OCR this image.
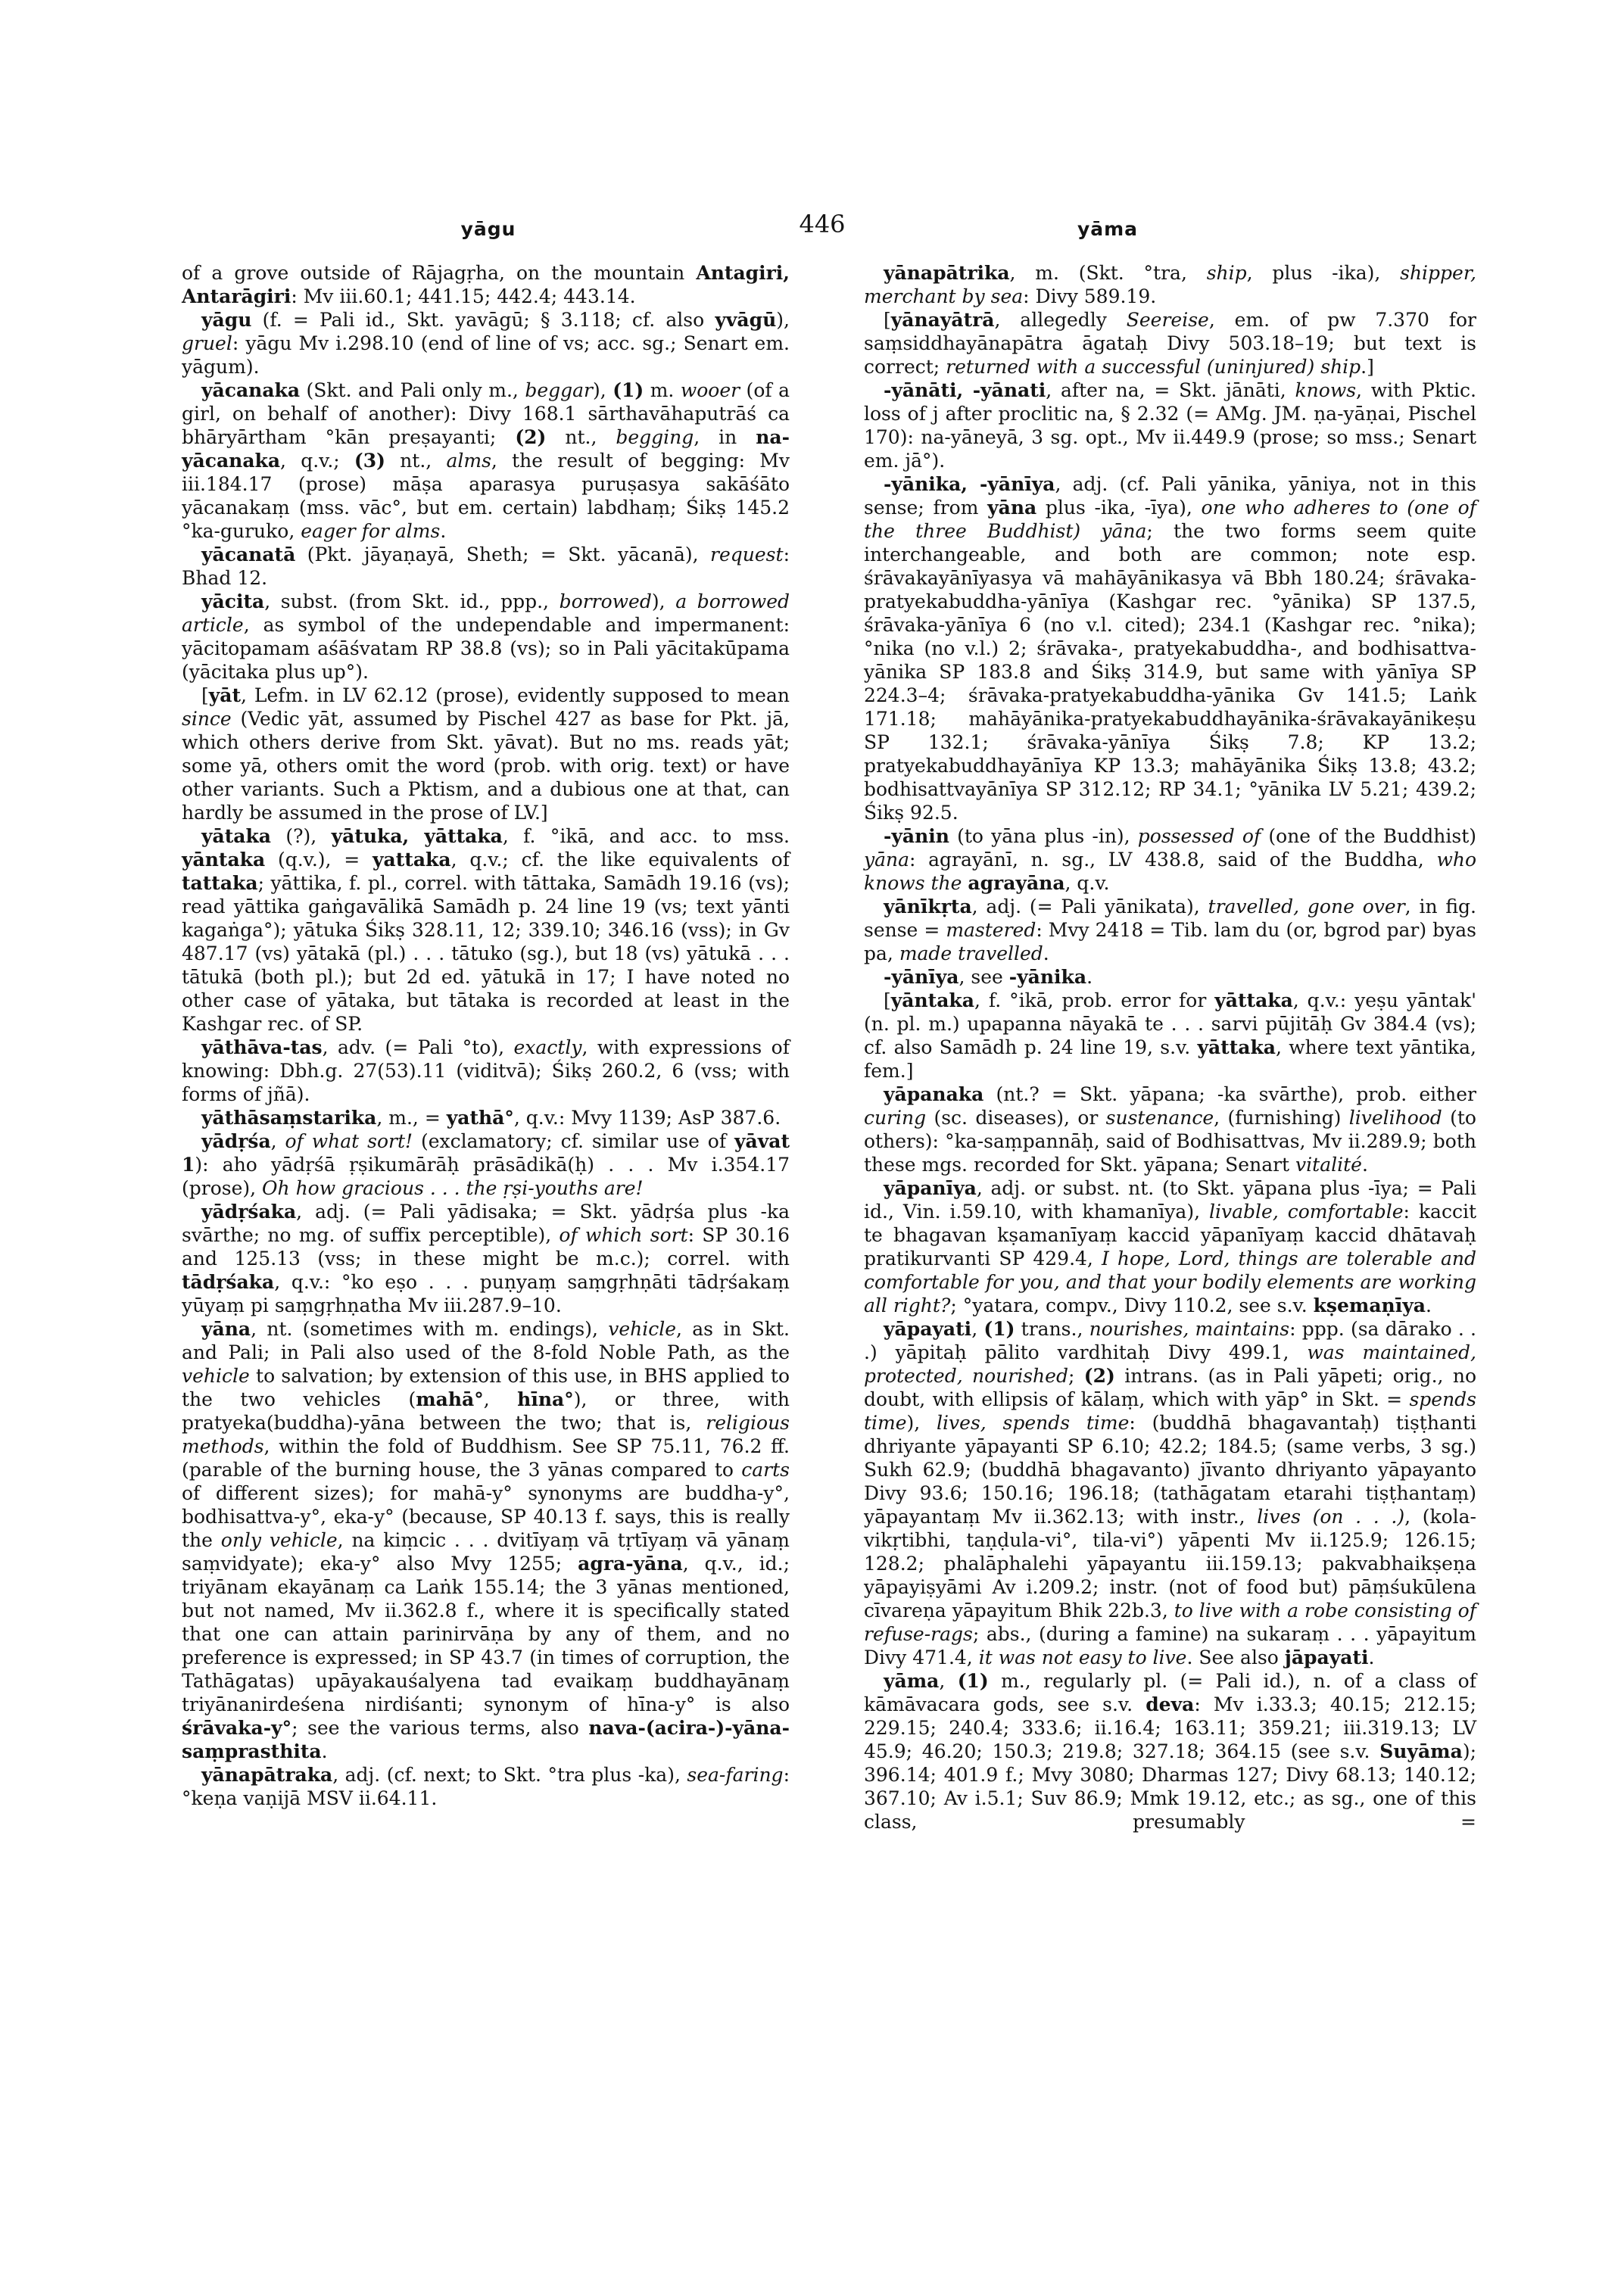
yāgu	446	yāma

of a grove outside of Rājagṛha, on the mountain Antagiri, Antarāgiri: Mv iii.60.1; 441.15; 442.4; 443.14.

yāgu (f. = Pali id., Skt. yavāgū; § 3.118; cf. also yvāgū), gruel: yāgu Mv i.298.10 (end of line of vs; acc. sg.; Senart em. yāgum).

yācanaka (Skt. and Pali only m., beggar), (1) m. wooer (of a girl, on behalf of another): Divy 168.1 sārthavāhaputrāś ca bhāryārtham °kān preṣayanti; (2) nt., begging, in na-yācanaka, q.v.; (3) nt., alms, the result of begging: Mv iii.184.17 (prose) māṣa aparasya puruṣasya sakāśāto yācanakaṃ (mss. vāc°, but em. certain) labdhaṃ; Śikṣ 145.2 °ka-guruko, eager for alms.

yācanatā (Pkt. jāyaṇayā, Sheth; = Skt. yācanā), request: Bhad 12.

yācita, subst. (from Skt. id., ppp., borrowed), a borrowed article, as symbol of the undependable and impermanent: yācitopamam aśāśvatam RP 38.8 (vs); so in Pali yācitakūpama (yācitaka plus up°).

[yāt, Lefm. in LV 62.12 (prose), evidently supposed to mean since (Vedic yāt, assumed by Pischel 427 as base for Pkt. jā, which others derive from Skt. yāvat). But no ms. reads yāt; some yā, others omit the word (prob. with orig. text) or have other variants. Such a Pktism, and a dubious one at that, can hardly be assumed in the prose of LV.]

yātaka (?), yātuka, yāttaka, f. °ikā, and acc. to mss. yāntaka (q.v.), = yattaka, q.v.; cf. the like equivalents of tattaka; yāttika, f. pl., correl. with tāttaka, Samādh 19.16 (vs); read yāttika gaṅgavālikā Samādh p. 24 line 19 (vs; text yānti kagaṅga°); yātuka Śikṣ 328.11, 12; 339.10; 346.16 (vss); in Gv 487.17 (vs) yātakā (pl.) . . . tātuko (sg.), but 18 (vs) yātukā . . . tātukā (both pl.); but 2d ed. yātukā in 17; I have noted no other case of yātaka, but tātaka is recorded at least in the Kashgar rec. of SP.

yāthāva-tas, adv. (= Pali °to), exactly, with expressions of knowing: Dbh.g. 27(53).11 (viditvā); Śikṣ 260.2, 6 (vss; with forms of jñā).

yāthāsaṃstarika, m., = yathā°, q.v.: Mvy 1139; AsP 387.6.

yādṛśa, of what sort! (exclamatory; cf. similar use of yāvat 1): aho yādṛśā ṛṣikumārāḥ prāsādikā(ḥ) . . . Mv i.354.17 (prose), Oh how gracious . . . the ṛṣi-youths are!

yādṛśaka, adj. (= Pali yādisaka; = Skt. yādṛśa plus -ka svārthe; no mg. of suffix perceptible), of which sort: SP 30.16 and 125.13 (vss; in these might be m.c.); correl. with tādṛśaka, q.v.: °ko eṣo . . . puṇyaṃ saṃgṛhṇāti tādṛśakaṃ yūyaṃ pi saṃgṛhṇatha Mv iii.287.9–10.

yāna, nt. (sometimes with m. endings), vehicle, as in Skt. and Pali; in Pali also used of the 8-fold Noble Path, as the vehicle to salvation; by extension of this use, in BHS applied to the two vehicles (mahā°, hīna°), or three, with pratyeka(buddha)-yāna between the two; that is, religious methods, within the fold of Buddhism. See SP 75.11, 76.2 ff. (parable of the burning house, the 3 yānas compared to carts of different sizes); for mahā-y° synonyms are buddha-y°, bodhisattva-y°, eka-y° (because, SP 40.13 f. says, this is really the only vehicle, na kiṃcic . . . dvitīyaṃ vā tṛtīyaṃ vā yānaṃ saṃvidyate); eka-y° also Mvy 1255; agra-yāna, q.v., id.; triyānam ekayānaṃ ca Laṅk 155.14; the 3 yānas mentioned, but not named, Mv ii.362.8 f., where it is specifically stated that one can attain parinirvāṇa by any of them, and no preference is expressed; in SP 43.7 (in times of corruption, the Tathāgatas) upāyakauśalyena tad evaikaṃ buddhayānaṃ triyānanirdeśena nirdiśanti; synonym of hīna-y° is also śrāvaka-y°; see the various terms, also nava-(acira-)-yāna-saṃprasthita.

yānapātraka, adj. (cf. next; to Skt. °tra plus -ka), sea-faring: °keṇa vaṇijā MSV ii.64.11.

yānapātrika, m. (Skt. °tra, ship, plus -ika), shipper, merchant by sea: Divy 589.19.

[yānayātrā, allegedly Seereise, em. of pw 7.370 for saṃsiddhayānapātra āgataḥ Divy 503.18–19; but text is correct; returned with a successful (uninjured) ship.]

-yānāti, -yānati, after na, = Skt. jānāti, knows, with Pktic. loss of j after proclitic na, § 2.32 (= AMg. JM. ṇa-yāṇai, Pischel 170): na-yāneyā, 3 sg. opt., Mv ii.449.9 (prose; so mss.; Senart em. jā°).

-yānika, -yānīya, adj. (cf. Pali yānika, yāniya, not in this sense; from yāna plus -ika, -īya), one who adheres to (one of the three Buddhist) yāna; the two forms seem quite interchangeable, and both are common; note esp. śrāvakayānīyasya vā mahāyānikasya vā Bbh 180.24; śrāvaka-pratyekabuddha-yānīya (Kashgar rec. °yānika) SP 137.5, śrāvaka-yānīya 6 (no v.l. cited); 234.1 (Kashgar rec. °nika); °nika (no v.l.) 2; śrāvaka-, pratyekabuddha-, and bodhisattva-yānika SP 183.8 and Śikṣ 314.9, but same with yānīya SP 224.3–4; śrāvaka-pratyekabuddha-yānika Gv 141.5; Laṅk 171.18; mahāyānika-pratyekabuddhayānika-śrāvakayānikeṣu SP 132.1; śrāvaka-yānīya Śikṣ 7.8; KP 13.2; pratyekabuddhayānīya KP 13.3; mahāyānika Śikṣ 13.8; 43.2; bodhisattvayānīya SP 312.12; RP 34.1; °yānika LV 5.21; 439.2; Śikṣ 92.5.

-yānin (to yāna plus -in), possessed of (one of the Buddhist) yāna: agrayānī, n. sg., LV 438.8, said of the Buddha, who knows the agrayāna, q.v.

yānīkṛta, adj. (= Pali yānikata), travelled, gone over, in fig. sense = mastered: Mvy 2418 = Tib. lam du (or, bgrod par) byas pa, made travelled.

-yānīya, see -yānika.

[yāntaka, f. °ikā, prob. error for yāttaka, q.v.: yeṣu yāntak' (n. pl. m.) upapanna nāyakā te . . . sarvi pūjitāḥ Gv 384.4 (vs); cf. also Samādh p. 24 line 19, s.v. yāttaka, where text yāntika, fem.]

yāpanaka (nt.? = Skt. yāpana; -ka svārthe), prob. either curing (sc. diseases), or sustenance, (furnishing) livelihood (to others): °ka-saṃpannāḥ, said of Bodhisattvas, Mv ii.289.9; both these mgs. recorded for Skt. yāpana; Senart vitalité.

yāpanīya, adj. or subst. nt. (to Skt. yāpana plus -īya; = Pali id., Vin. i.59.10, with khamanīya), livable, comfortable: kaccit te bhagavan kṣamanīyaṃ kaccid yāpanīyaṃ kaccid dhātavaḥ pratikurvanti SP 429.4, I hope, Lord, things are tolerable and comfortable for you, and that your bodily elements are working all right?; °yatara, compv., Divy 110.2, see s.v. kṣemaṇīya.

yāpayati, (1) trans., nourishes, maintains: ppp. (sa dārako . . .) yāpitaḥ pālito vardhitaḥ Divy 499.1, was maintained, protected, nourished; (2) intrans. (as in Pali yāpeti; orig., no doubt, with ellipsis of kālaṃ, which with yāp° in Skt. = spends time), lives, spends time: (buddhā bhagavantaḥ) tiṣṭhanti dhriyante yāpayanti SP 6.10; 42.2; 184.5; (same verbs, 3 sg.) Sukh 62.9; (buddhā bhagavanto) jīvanto dhriyanto yāpayanto Divy 93.6; 150.16; 196.18; (tathāgatam etarahi tiṣṭhantaṃ) yāpayantaṃ Mv ii.362.13; with instr., lives (on . . .), (kola-vikṛtibhi, taṇḍula-vi°, tila-vi°) yāpenti Mv ii.125.9; 126.15; 128.2; phalāphalehi yāpayantu iii.159.13; pakvabhaikṣeṇa yāpayiṣyāmi Av i.209.2; instr. (not of food but) pāṃśukūlena cīvareṇa yāpayitum Bhik 22b.3, to live with a robe consisting of refuse-rags; abs., (during a famine) na sukaraṃ . . . yāpayitum Divy 471.4, it was not easy to live. See also jāpayati.

yāma, (1) m., regularly pl. (= Pali id.), n. of a class of kāmāvacara gods, see s.v. deva: Mv i.33.3; 40.15; 212.15; 229.15; 240.4; 333.6; ii.16.4; 163.11; 359.21; iii.319.13; LV 45.9; 46.20; 150.3; 219.8; 327.18; 364.15 (see s.v. Suyāma); 396.14; 401.9 f.; Mvy 3080; Dharmas 127; Divy 68.13; 140.12; 367.10; Av i.5.1; Suv 86.9; Mmk 19.12, etc.; as sg., one of this class, presumably =
